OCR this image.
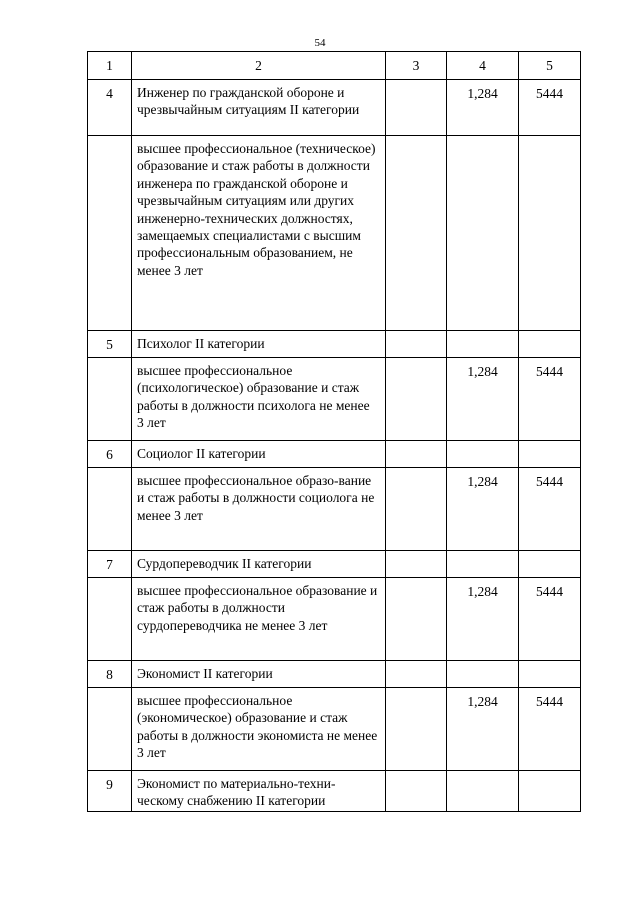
54
1	2	3	4	5
4	Инженер по гражданской обороне и чрезвычайным ситуациям II категории		1,284	5444

	высшее профессиональное (техническое) образование и стаж работы в должности инженера по гражданской обороне и чрезвычайным ситуациям или других инженерно-технических должностях, замещаемых специалистами с высшим профессиональным образованием, не менее 3 лет			

5	Психолог II категории			

	высшее профессиональное (психологическое) образование и стаж работы в должности психолога не менее 3 лет		1,284	5444
6	Социолог II категории			

	высшее профессиональное образо-вание и стаж работы в должности социолога не менее 3 лет		1,284	5444
7	Сурдопереводчик II категории			

	высшее профессиональное образование и стаж работы в должности сурдопереводчика не менее 3 лет		1,284	5444
8	Экономист II категории			

	высшее профессиональное (экономическое) образование и стаж работы в должности экономиста не менее 3 лет		1,284	5444
9	Экономист по материально-техни-ческому снабжению II категории			
